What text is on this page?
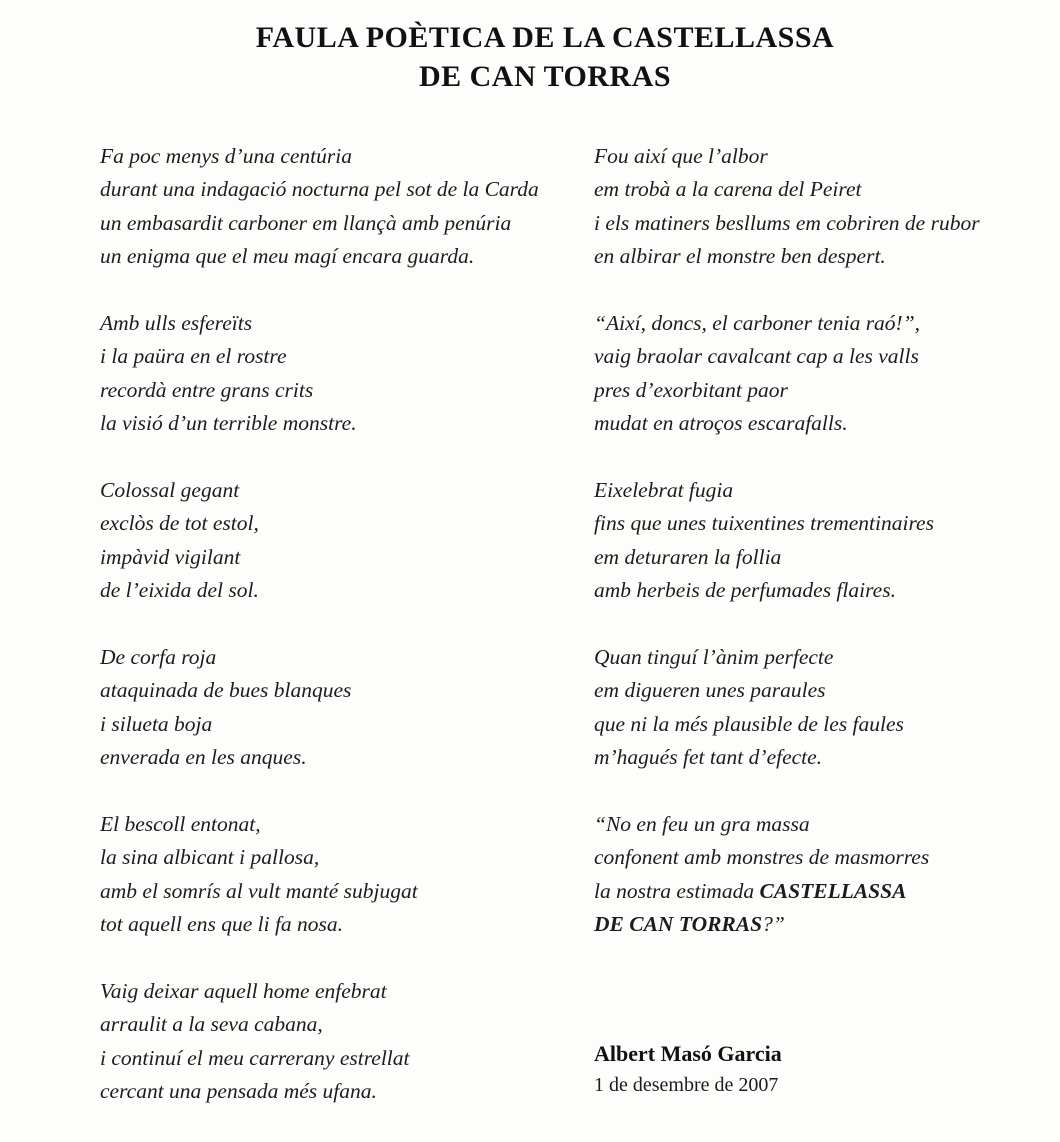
FAULA POÈTICA DE LA CASTELLASSA
DE CAN TORRAS
Fa poc menys d’una centúria
durant una indagació nocturna pel sot de la Carda
un embasardit carboner em llançà amb penúria
un enigma que el meu magí encara guarda.
Amb ulls esfereïts
i la paüra en el rostre
recordà entre grans crits
la visió d’un terrible monstre.
Colossal gegant
exclòs de tot estol,
impàvid vigilant
de l’eixida del sol.
De corfa roja
ataquinada de bues blanques
i silueta boja
enverada en les anques.
El bescoll entonat,
la sina albicant i pallosa,
amb el somrís al vult manté subjugat
tot aquell ens que li fa nosa.
Vaig deixar aquell home enfebrat
arraulit a la seva cabana,
i continuí el meu carrerany estrellat
cercant una pensada més ufana.
Fou així que l’albor
em trobà a la carena del Peiret
i els matiners besllums em cobriren de rubor
en albirar el monstre ben despert.
“Així, doncs, el carboner tenia raó!”,
vaig braolar cavalcant cap a les valls
pres d’exorbitant paor
mudat en atroços escarafalls.
Eixelebrat fugia
fins que unes tuixentines trementinaires
em deturaren la follia
amb herbeis de perfumades flaires.
Quan tinguí l’ànim perfecte
em digueren unes paraules
que ni la més plausible de les faules
m’hagués fet tant d’efecte.
“No en feu un gra massa
confonent amb monstres de masmorres
la nostra estimada CASTELLASSA
DE CAN TORRAS?”
Albert Masó Garcia
1 de desembre de 2007
